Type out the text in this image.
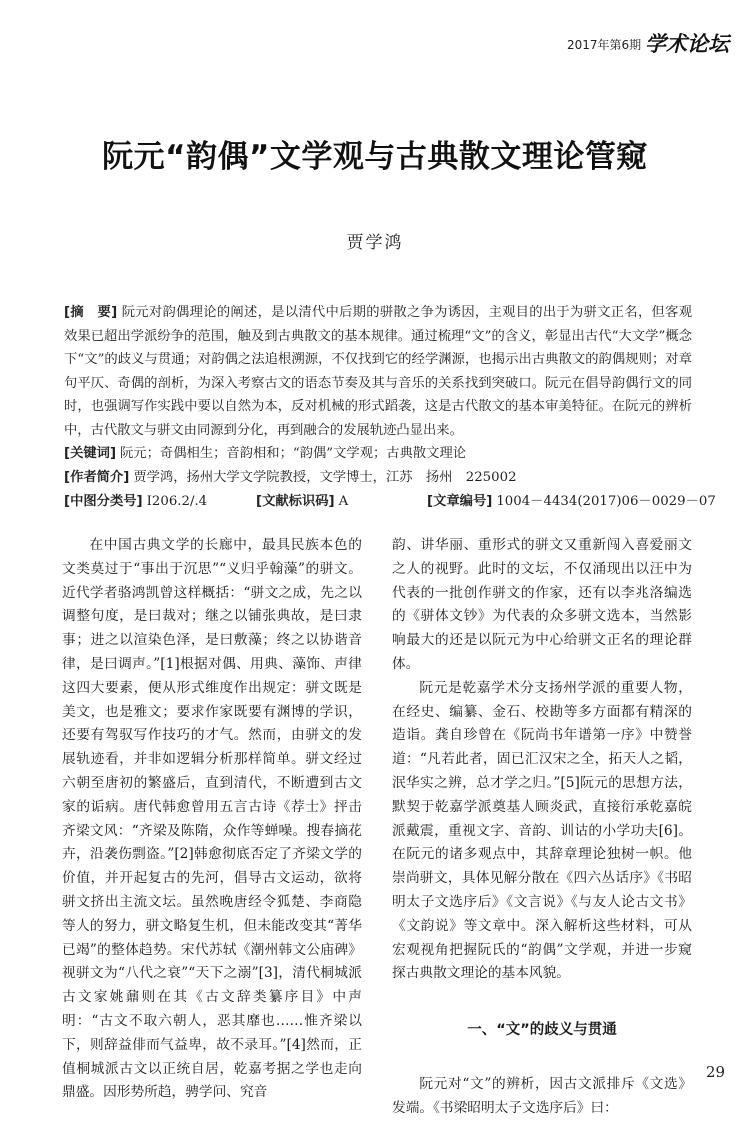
2017年第6期 学术论坛
阮元“韵偶”文学观与古典散文理论管窥
贾学鸿
[摘　要] 阮元对韵偶理论的阐述，是以清代中后期的骈散之争为诱因，主观目的出于为骈文正名，但客观效果已超出学派纷争的范围，触及到古典散文的基本规律。通过梳理“文”的含义，彰显出古代“大文学”概念下“文”的歧义与贯通；对韵偶之法追根溯源，不仅找到它的经学渊源，也揭示出古典散文的韵偶规则；对章句平仄、奇偶的剖析，为深入考察古文的语态节奏及其与音乐的关系找到突破口。阮元在倡导韵偶行文的同时，也强调写作实践中要以自然为本，反对机械的形式蹈袭，这是古代散文的基本审美特征。在阮元的辨析中，古代散文与骈文由同源到分化，再到融合的发展轨迹凸显出来。
[关键词] 阮元；奇偶相生；音韵相和；“韵偶”文学观；古典散文理论
[作者简介] 贾学鸿，扬州大学文学院教授，文学博士，江苏　扬州　225002
[中图分类号] I206.2/.4	[文献标识码] A	[文章编号] 1004－4434(2017)06－0029－07

在中国古典文学的长廊中，最具民族本色的文类莫过于“事出于沉思”“义归乎翰藻”的骈文。近代学者骆鸿凯曾这样概括：“骈文之成，先之以调整句度，是曰裁对；继之以铺张典故，是曰隶事；进之以渲染色泽，是曰敷藻；终之以协谐音律，是曰调声。”[1]根据对偶、用典、藻饰、声律这四大要素，便从形式维度作出规定：骈文既是美文，也是雅文；要求作家既要有渊博的学识，还要有驾驭写作技巧的才气。然而，由骈文的发展轨迹看，并非如逻辑分析那样简单。骈文经过六朝至唐初的繁盛后，直到清代，不断遭到古文家的诟病。唐代韩愈曾用五言古诗《荐士》抨击齐梁文风：“齐梁及陈隋，众作等蝉噪。搜春摘花卉，沿袭伤剽盗。”[2]韩愈彻底否定了齐梁文学的价值，并开起复古的先河，倡导古文运动，欲将骈文挤出主流文坛。虽然晚唐经令狐楚、李商隐等人的努力，骈文略复生机，但未能改变其“菁华已竭”的整体趋势。宋代苏轼《潮州韩文公庙碑》视骈文为“八代之衰”“天下之溺”[3]，清代桐城派古文家姚鼐则在其《古文辞类纂序目》中声明：“古文不取六朝人，恶其靡也……惟齐梁以下，则辞益俳而气益卑，故不录耳。”[4]然而，正值桐城派古文以正统自居，乾嘉考据之学也走向鼎盛。因形势所趋，骋学问、究音

韵、讲华丽、重形式的骈文又重新闯入喜爱丽文之人的视野。此时的文坛，不仅涌现出以汪中为代表的一批创作骈文的作家，还有以李兆洛编选的《骈体文钞》为代表的众多骈文选本，当然影响最大的还是以阮元为中心给骈文正名的理论群体。

阮元是乾嘉学术分支扬州学派的重要人物，在经史、编纂、金石、校勘等多方面都有精深的造诣。龚自珍曾在《阮尚书年谱第一序》中赞誉道：“凡若此者，固已汇汉宋之全，拓天人之韬，泯华实之辨，总才学之归。”[5]阮元的思想方法，默契于乾嘉学派奠基人顾炎武，直接衍承乾嘉皖派戴震，重视文字、音韵、训诂的小学功夫[6]。在阮元的诸多观点中，其辞章理论独树一帜。他崇尚骈文，具体见解分散在《四六丛话序》《书昭明太子文选序后》《文言说》《与友人论古文书》《文韵说》等文章中。深入解析这些材料，可从宏观视角把握阮氏的“韵偶”文学观，并进一步窥探古典散文理论的基本风貌。

一、“文”的歧义与贯通

阮元对“文”的辨析，因古文派排斥《文选》发端。《书梁昭明太子文选序后》曰：

29
